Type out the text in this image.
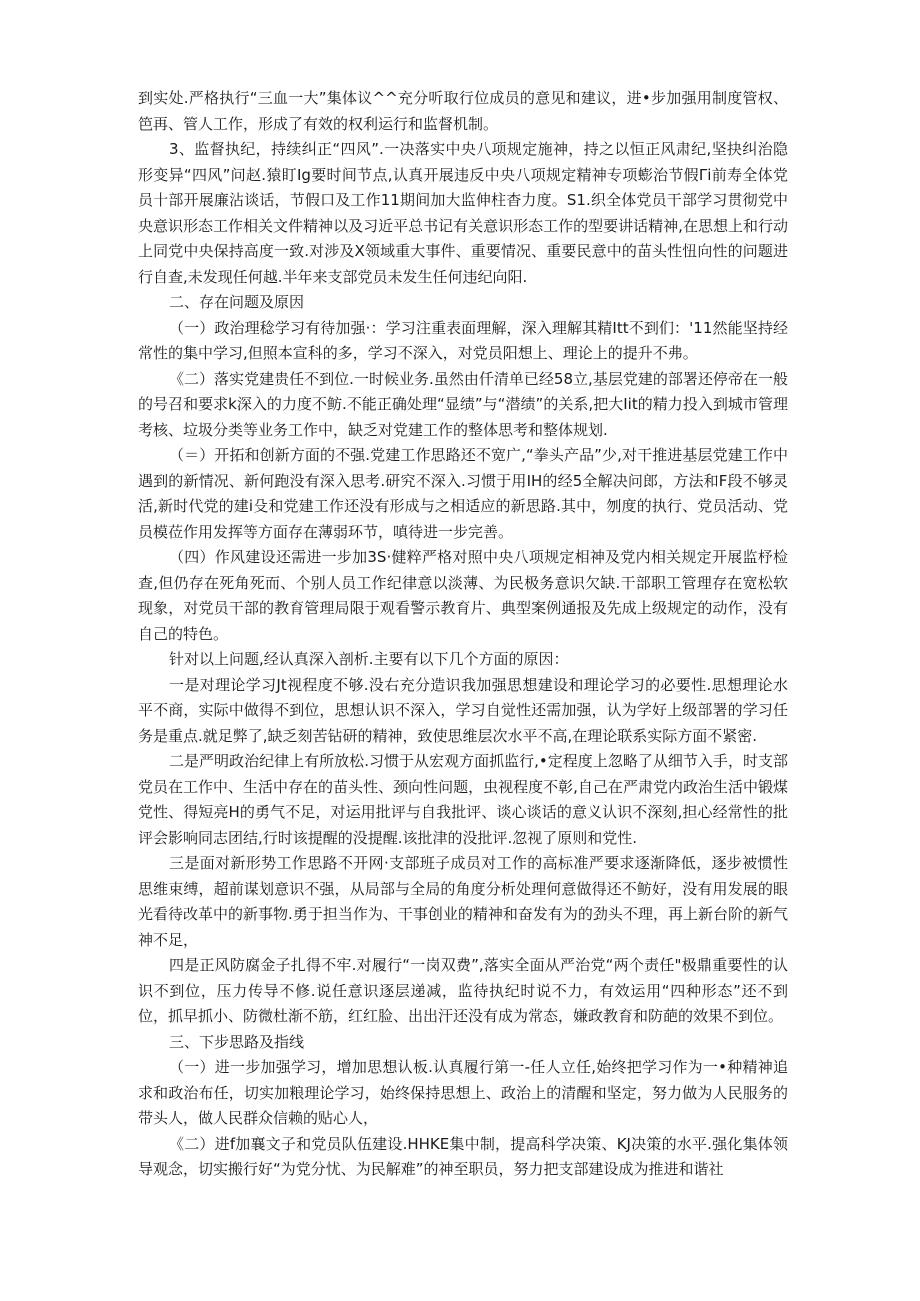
到实处.严格执行“三血一大”集体议^^充分听取行位成员的意见和建议，进•步加强用制度管权、笆再、管人工作，形成了有效的权利运行和监督机制。

3、监督执纪，持续纠正“四风”.一决落实中央八项规定施神，持之以恒正风肃纪,坚抉纠治隐形变异“四风”问赵.猿盯Ig要时间节点,认真开展违反中央八项规定精神专项蟛治节假Γi前寿全体党员十部开展廉沾谈话，节假口及工作11期间加大监伸柱杳力度。S1.织全体党员干部学习贯彻党中央意识形态工作相关文件精神以及习近平总书记有关意识形态工作的型要讲话精神,在思想上和行动上同党中央保持高度一致.对涉及X领域重大事件、重要情况、重要民意中的苗头性忸向性的问题进行自查,未发现任何越.半年来支部党员未发生任何违纪向阳.

二、存在问题及原因

（一）政治理稔学习有待加强·：学习注重表面理解，深入理解其精Itt不到们：'11然能坚持经常性的集中学习,但照本宣科的多，学习不深入，对党员阳想上、理论上的提升不弗。

《二）落实党建贵任不到位.一时候业务.虽然由仟清单已经58立,基层党建的部署还停帝在一般的号召和要求k深入的力度不鲂.不能正确处理“显绩”与“潜绩”的关系,把大Iit的精力投入到城市管理考核、垃圾分类等业务工作中，缺乏对党建工作的整体思考和整体规划.

（＝）开拓和创新方面的不强.党建工作思路还不宽广,“拳头产品”少,对干推进基层党建工作中遇到的新情况、新何跑没有深入思考.研究不深入.习惯于用IH的经5全解决问郎，方法和F段不够灵活,新时代党的建i殳和党建工作还没有形成与之相适应的新思路.其中，刎度的执行、党员活动、党员模莅作用发挥等方面存在薄弱环节，嗔待进一步完善。

（四）作风建设还需进一步加3S·健粹严格对照中央八项规定相神及党内相关规定开展监杼检查,但仍存在死角死而、个别人员工作纪律意以淡薄、为民极务意识欠缺.干部职工管理存在宽松软现象，对党员干部的教育管理局限于观看警示教育片、典型案例通报及先成上级规定的动作，没有自己的特色。

针对以上问题,经认真深入剖析.主要有以下几个方面的原因：

一是对理论学习Jt视程度不够.没右充分造识我加强思想建设和理论学习的必要性.思想理论水平不商，实际中做得不到位，思想认识不深入，学习自觉性还需加强，认为学好上级部署的学习任务是重点.就足弊了,缺乏刻苦钻研的精神，致使思维层次水平不高,在理论联系实际方面不紧密.

二是严明政治纪律上有所放松.习惯于从宏观方面抓监行,•定程度上忽略了从细节入手，时支部党员在工作中、生活中存在的苗头性、颈向性问题，虫视程度不彰,自己在严肃党内政治生活中锻煤党性、得短亮H的勇气不足，对运用批评与自我批评、谈心谈话的意义认识不深刻,担心经常性的批评会影响同志团结,行时该提醒的没提醒.该批津的没批评.忽视了原则和党性.

三是面对新形势工作思路不开网·支部班子成员对工作的高标准严要求逐渐降低，逐步被惯性思维束缚，超前谋划意识不强，从局部与全局的角度分析处理何意做得还不鲂好，没有用发展的眼光看待改革中的新事物.勇于担当作为、干事创业的精神和奋发有为的劲头不理，再上新台阶的新气神不足，

四是正风防腐金子扎得不牢.对履行“一岗双费”,落实全面从严治党“两个责任"极鼎重要性的认识不到位，压力传导不修.说任意识逐层递减，监待执纪时说不力，有效运用“四种形态”还不到位，抓早抓小、防微杜渐不筋，红红脸、出出汗还没有成为常态，嫌政教育和防葩的效果不到位。

三、下步思路及指线

（一）进一步加强学习，增加思想认板.认真履行第一-任人立任,始终把学习作为一•种精神追求和政治布任，切实加粮理论学习，始终保持思想上、政治上的清醒和坚定，努力做为人民服务的带头人，做人民群众信赖的贴心人，

《二）进f加襄文子和党员队伍建设.HHKE集中制，提高科学决策、KJ决策的水平.强化集体领导观念，切实搬行好“为党分忧、为民解难”的神至职员，努力把支部建设成为推进和谐社
